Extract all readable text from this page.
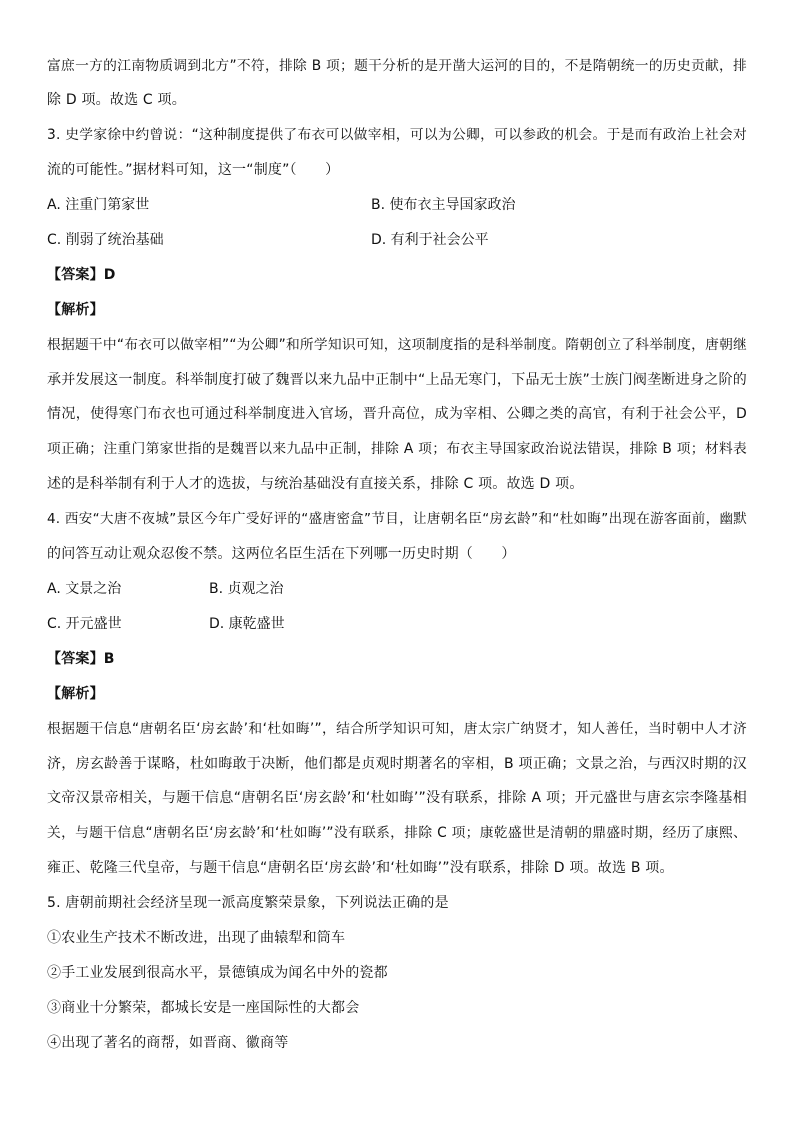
富庶一方的江南物质调到北方”不符，排除 B 项；题干分析的是开凿大运河的目的，不是隋朝统一的历史贡献，排
除 D 项。故选 C 项。
3. 史学家徐中约曾说：“这种制度提供了布衣可以做宰相，可以为公卿，可以参政的机会。于是而有政治上社会对
流的可能性。”据材料可知，这一“制度”（　　）
A. 注重门第家世	B. 使布衣主导国家政治
C. 削弱了统治基础	D. 有利于社会公平
【答案】D
【解析】
根据题干中“布衣可以做宰相”“为公卿”和所学知识可知，这项制度指的是科举制度。隋朝创立了科举制度，唐朝继
承并发展这一制度。科举制度打破了魏晋以来九品中正制中“上品无寒门，下品无士族”士族门阀垄断进身之阶的
情况，使得寒门布衣也可通过科举制度进入官场，晋升高位，成为宰相、公卿之类的高官，有利于社会公平，D
项正确；注重门第家世指的是魏晋以来九品中正制，排除 A 项；布衣主导国家政治说法错误，排除 B 项；材料表
述的是科举制有利于人才的选拔，与统治基础没有直接关系，排除 C 项。故选 D 项。
4. 西安“大唐不夜城”景区今年广受好评的“盛唐密盒”节目，让唐朝名臣“房玄龄”和“杜如晦”出现在游客面前，幽默
的问答互动让观众忍俊不禁。这两位名臣生活在下列哪一历史时期（　　）
A. 文景之治	B. 贞观之治
C. 开元盛世	D. 康乾盛世
【答案】B
【解析】
根据题干信息“唐朝名臣‘房玄龄’和‘杜如晦’”，结合所学知识可知，唐太宗广纳贤才，知人善任，当时朝中人才济
济，房玄龄善于谋略，杜如晦敢于决断，他们都是贞观时期著名的宰相，B 项正确；文景之治，与西汉时期的汉
文帝汉景帝相关，与题干信息“唐朝名臣‘房玄龄’和‘杜如晦’”没有联系，排除 A 项；开元盛世与唐玄宗李隆基相
关，与题干信息“唐朝名臣‘房玄龄’和‘杜如晦’”没有联系，排除 C 项；康乾盛世是清朝的鼎盛时期，经历了康熙、
雍正、乾隆三代皇帝，与题干信息“唐朝名臣‘房玄龄’和‘杜如晦’”没有联系，排除 D 项。故选 B 项。
5. 唐朝前期社会经济呈现一派高度繁荣景象，下列说法正确的是
①农业生产技术不断改进，出现了曲辕犁和筒车
②手工业发展到很高水平，景德镇成为闻名中外的瓷都
③商业十分繁荣，都城长安是一座国际性的大都会
④出现了著名的商帮，如晋商、徽商等
